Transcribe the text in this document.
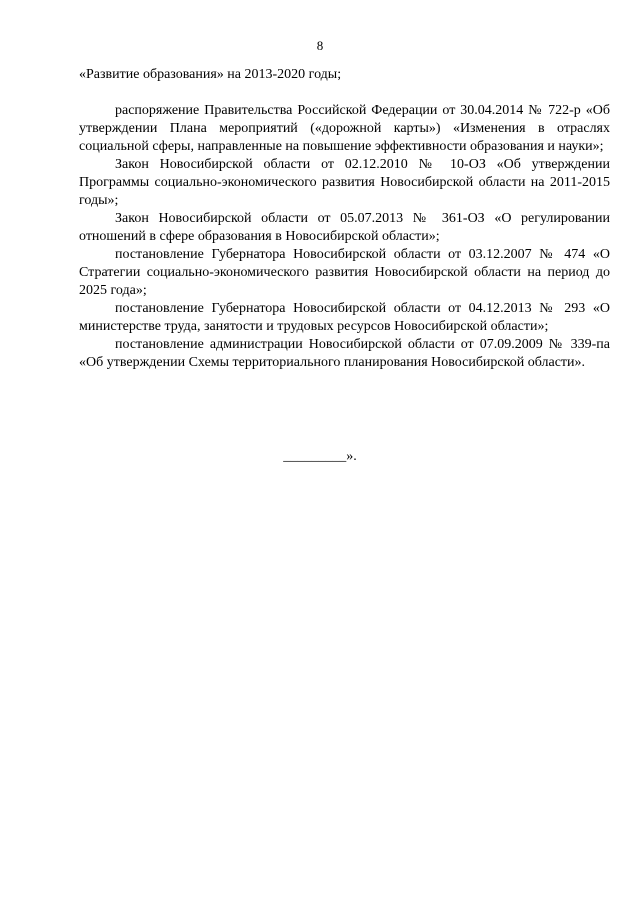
8
«Развитие образования» на 2013-2020 годы;

распоряжение Правительства Российской Федерации от 30.04.2014 № 722-р «Об утверждении Плана мероприятий («дорожной карты») «Изменения в отраслях социальной сферы, направленные на повышение эффективности образования и науки»;

Закон Новосибирской области от 02.12.2010 № 10-ОЗ «Об утверждении Программы социально-экономического развития Новосибирской области на 2011-2015 годы»;

Закон Новосибирской области от 05.07.2013 № 361-ОЗ «О регулировании отношений в сфере образования в Новосибирской области»;

постановление Губернатора Новосибирской области от 03.12.2007 № 474 «О Стратегии социально-экономического развития Новосибирской области на период до 2025 года»;

постановление Губернатора Новосибирской области от 04.12.2013 № 293 «О министерстве труда, занятости и трудовых ресурсов Новосибирской области»;

постановление администрации Новосибирской области от 07.09.2009 № 339-па «Об утверждении Схемы территориального планирования Новосибирской области».

_________».
